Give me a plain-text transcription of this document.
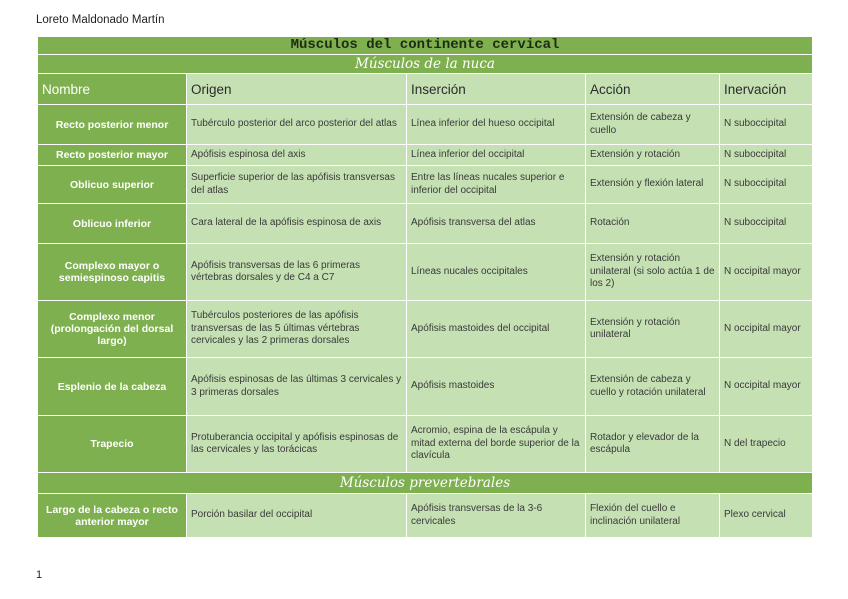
Loreto Maldonado Martín
Músculos del continente cervical				
Músculos de la nuca				
Nombre	Origen	Inserción	Acción	Inervación
Recto posterior menor	Tubérculo posterior del arco posterior del atlas	Línea inferior del hueso occipital	Extensión de cabeza y cuello	N suboccipital
Recto posterior mayor	Apófisis espinosa del axis	Línea inferior del occipital	Extensión y rotación	N suboccipital
Oblicuo superior	Superficie superior de las apófisis transversas del atlas	Entre las líneas nucales superior e inferior del occipital	Extensión y flexión lateral	N suboccipital
Oblicuo inferior	Cara lateral de la apófisis espinosa de axis	Apófisis transversa del atlas	Rotación	N suboccipital
Complexo mayor o semiespinoso capitis	Apófisis transversas de las 6 primeras vértebras dorsales y de C4 a C7	Líneas nucales occipitales	Extensión y rotación unilateral (si solo actúa 1 de los 2)	N occipital mayor
Complexo menor (prolongación del dorsal largo)	Tubérculos posteriores de las apófisis transversas de las 5 últimas vértebras cervicales y las 2 primeras dorsales	Apófisis mastoides del occipital	Extensión y rotación unilateral	N occipital mayor
Esplenio de la cabeza	Apófisis espinosas de las últimas 3 cervicales y 3 primeras dorsales	Apófisis mastoides	Extensión de cabeza y cuello y rotación unilateral	N occipital mayor
Trapecio	Protuberancia occipital y apófisis espinosas de las cervicales y las torácicas	Acromio, espina de la escápula y mitad externa del borde superior de la clavícula	Rotador y elevador de la escápula	N del trapecio
Músculos prevertebrales				
Largo de la cabeza o recto anterior mayor	Porción basilar del occipital	Apófisis transversas de la 3-6 cervicales	Flexión del cuello e inclinación unilateral	Plexo cervical
1
